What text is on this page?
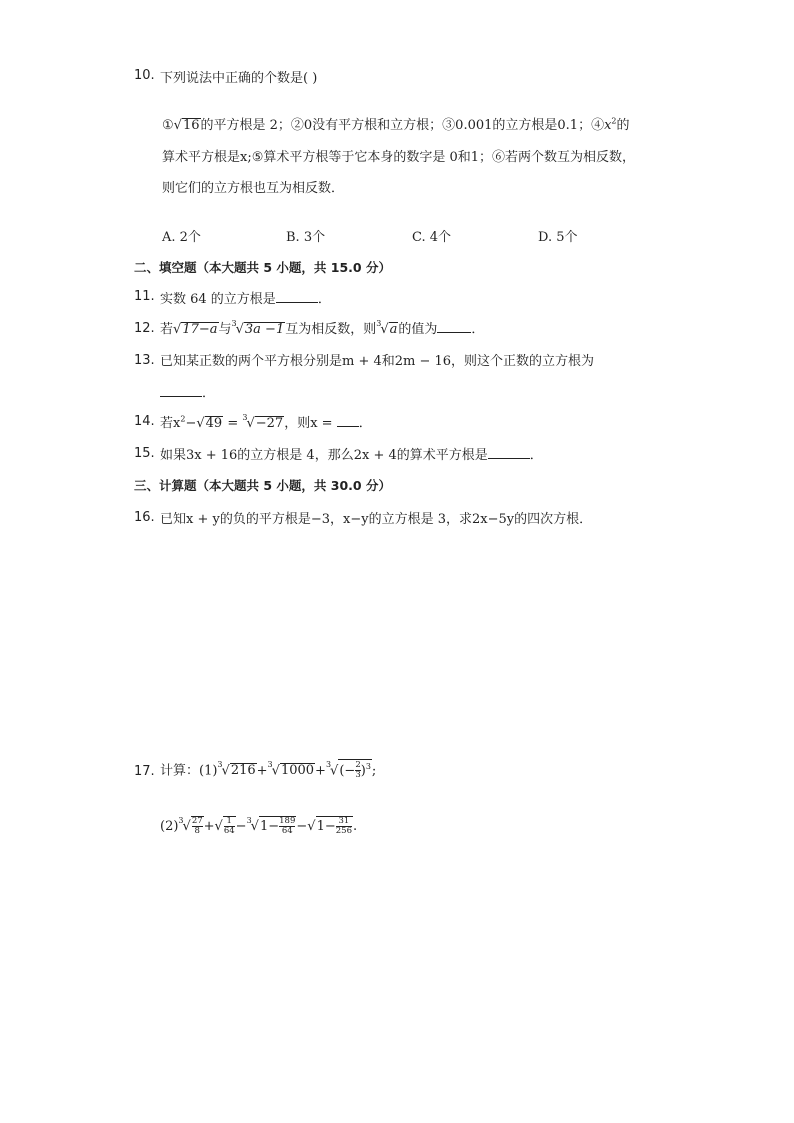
10. 下列说法中正确的个数是( )
①√16的平方根是 2；②0没有平方根和立方根；③0.001的立方根是0.1；$④x^2$的
算术平方根是x;⑤算术平方根等于它本身的数字是 0和1；⑥若两个数互为相反数，
则它们的立方根也互为相反数．
A. 2个	B. 3个	C. 4个	D. 5个
二、填空题（本大题共 5 小题，共 15.0 分）
11. 实数 64 的立方根是	．
12. 若√17−a与$^3$√3a −1互为相反数，则$^3$√a的值为	．
13. 已知某正数的两个平方根分别是m + 4和2m − 16，则这个正数的立方根为
．
14. 若$x^2-√49 = ^3√-27$，则x = ．
15. 如果3x + 16的立方根是 4，那么2x + 4的算术平方根是	．
三、计算题（本大题共 5 小题，共 30.0 分）
16. 已知x + y的负的平方根是−3，x−y的立方根是 3，求2x−5y的四次方根．
17. 计算：$(1)^3√216+^3√1000+^3√(- \frac{2}{3} )^3$;
$(2)^3√ \frac{27}{8}$ +√ $\frac{1}{64} -^3√1- \frac{189}{64} -√1- \frac{31}{256}$ .
